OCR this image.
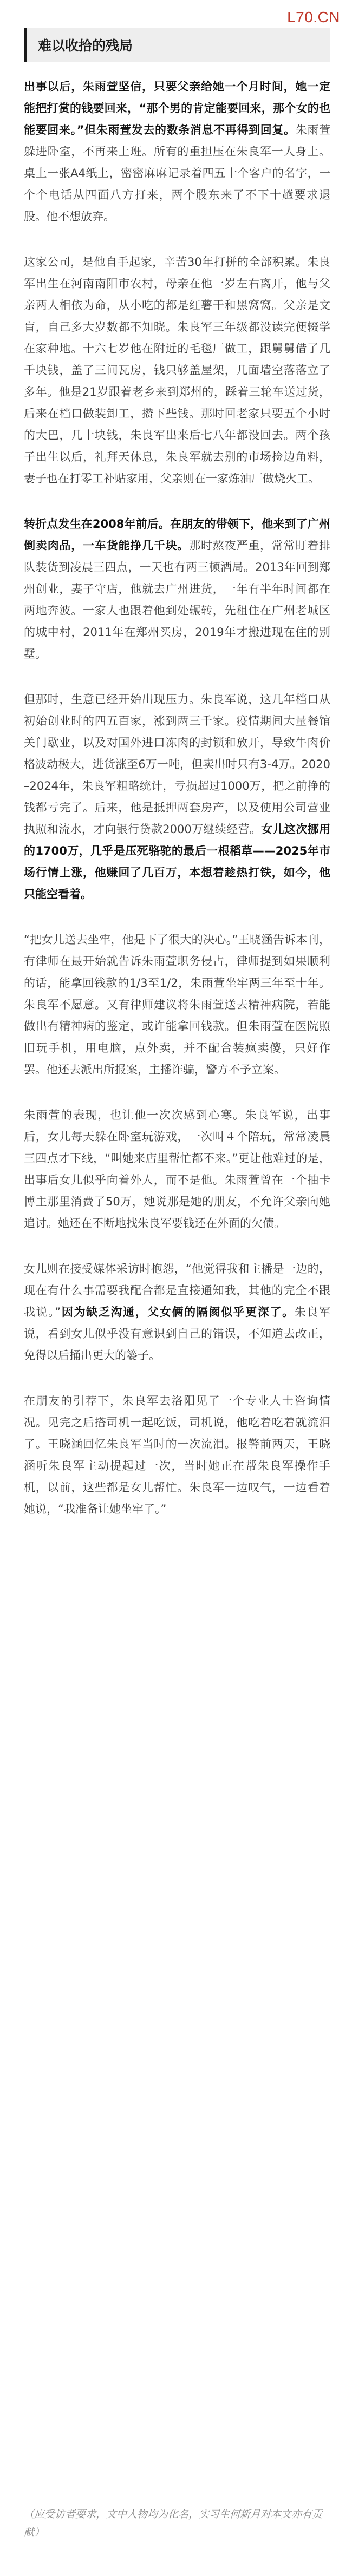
L70.CN
难以收拾的残局

出事以后，朱雨萱坚信，只要父亲给她一个月时间，她一定能把打赏的钱要回来，“那个男的肯定能要回来，那个女的也能要回来。”但朱雨萱发去的数条消息不再得到回复。朱雨萱躲进卧室，不再来上班。所有的重担压在朱良军一人身上。桌上一张A4纸上，密密麻麻记录着四五十个客户的名字，一个个电话从四面八方打来，两个股东来了不下十趟要求退股。他不想放弃。

这家公司，是他自手起家，辛苦30年打拼的全部积累。朱良军出生在河南南阳市农村，母亲在他一岁左右离开，他与父亲两人相依为命，从小吃的都是红薯干和黑窝窝。父亲是文盲，自己多大岁数都不知晓。朱良军三年级都没读完便辍学在家种地。十六七岁他在附近的毛毯厂做工，跟舅舅借了几千块钱，盖了三间瓦房，钱只够盖屋架，几面墙空落落立了多年。他是21岁跟着老乡来到郑州的，踩着三轮车送过货，后来在档口做装卸工，攒下些钱。那时回老家只要五个小时的大巴，几十块钱，朱良军出来后七八年都没回去。两个孩子出生以后，礼拜天休息，朱良军就去别的市场捡边角料，妻子也在打零工补贴家用，父亲则在一家炼油厂做烧火工。

转折点发生在2008年前后。在朋友的带领下，他来到了广州倒卖肉品，一车货能挣几千块。那时熬夜严重，常常盯着排队装货到凌晨三四点，一天也有两三顿酒局。2013年回到郑州创业，妻子守店，他就去广州进货，一年有半年时间都在两地奔波。一家人也跟着他到处辗转，先租住在广州老城区的城中村，2011年在郑州买房，2019年才搬进现在住的别墅。

但那时，生意已经开始出现压力。朱良军说，这几年档口从初始创业时的四五百家，涨到两三千家。疫情期间大量餐馆关门歇业，以及对国外进口冻肉的封锁和放开，导致牛肉价格波动极大，进货涨至6万一吨，但卖出时只有3-4万。2020–2024年，朱良军粗略统计，亏损超过1000万，把之前挣的钱都亏完了。后来，他是抵押两套房产，以及使用公司营业执照和流水，才向银行贷款2000万继续经营。女儿这次挪用的1700万，几乎是压死骆驼的最后一根稻草——2025年市场行情上涨，他赚回了几百万，本想着趁热打铁，如今，他只能空看着。

“把女儿送去坐牢，他是下了很大的决心。”王晓涵告诉本刊，有律师在最开始就告诉朱雨萱职务侵占，律师提到如果顺利的话，能拿回钱款的1/3至1/2，朱雨萱坐牢两三年至十年。朱良军不愿意。又有律师建议将朱雨萱送去精神病院，若能做出有精神病的鉴定，或许能拿回钱款。但朱雨萱在医院照旧玩手机，用电脑，点外卖，并不配合装疯卖傻，只好作罢。他还去派出所报案，主播诈骗，警方不予立案。

朱雨萱的表现，也让他一次次感到心寒。朱良军说，出事后，女儿每天躲在卧室玩游戏，一次叫４个陪玩，常常凌晨三四点才下线，“叫她来店里帮忙都不来。”更让他难过的是，出事后女儿似乎向着外人，而不是他。朱雨萱曾在一个抽卡博主那里消费了50万，她说那是她的朋友，不允许父亲向她追讨。她还在不断地找朱良军要钱还在外面的欠债。

女儿则在接受媒体采访时抱怨，“他觉得我和主播是一边的，现在有什么事需要我配合都是直接通知我，其他的完全不跟我说。”因为缺乏沟通，父女俩的隔阂似乎更深了。朱良军说，看到女儿似乎没有意识到自己的错误，不知道去改正，免得以后捅出更大的篓子。

在朋友的引荐下，朱良军去洛阳见了一个专业人士咨询情况。见完之后搭司机一起吃饭，司机说，他吃着吃着就流泪了。王晓涵回忆朱良军当时的一次流泪。报警前两天，王晓涵听朱良军主动提起过一次，当时她正在帮朱良军操作手机，以前，这些都是女儿帮忙。朱良军一边叹气，一边看着她说，“我准备让她坐牢了。”

（应受访者要求，文中人物均为化名，实习生何新月对本文亦有贡献）
